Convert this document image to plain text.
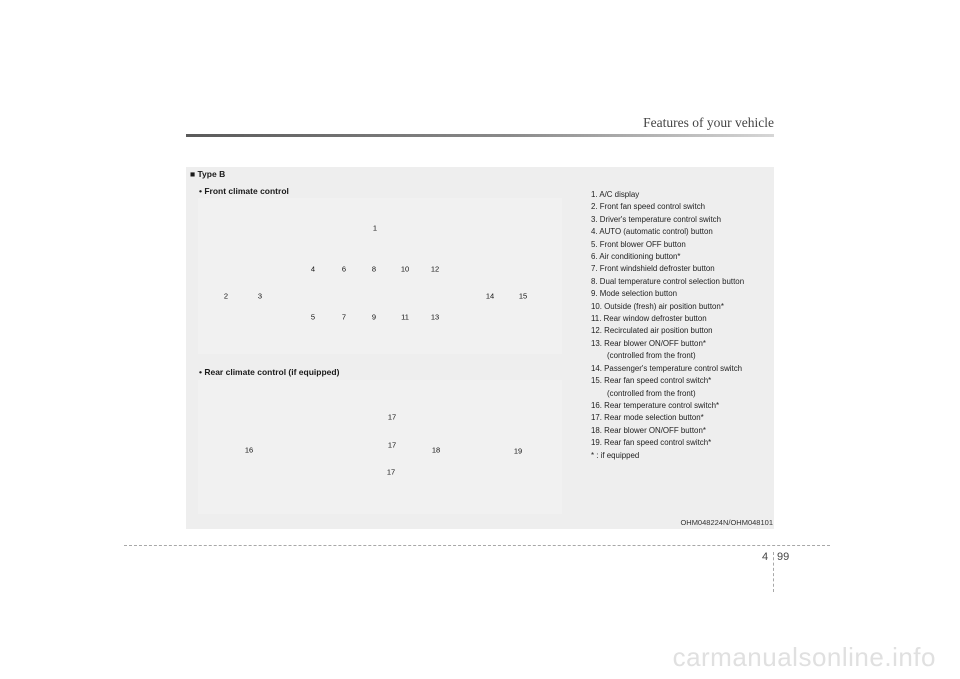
Features of your vehicle
■ Type B
• Front climate control
1
4	6	8	10	12
2	3	14	15
5	7	9	11	13
• Rear climate control (if equipped)
17
17
17
16	18	19
1. A/C display
2. Front fan speed control switch
3. Driver's temperature control switch
4. AUTO (automatic control) button
5. Front blower OFF button
6. Air conditioning button*
7. Front windshield defroster button
8. Dual temperature control selection button
9. Mode selection button
10. Outside (fresh) air position button*
11. Rear window defroster button
12. Recirculated air position button
13. Rear blower ON/OFF button*
(controlled from the front)
14. Passenger's temperature control switch
15. Rear fan speed control switch*
(controlled from the front)
16. Rear temperature control switch*
17. Rear mode selection button*
18. Rear blower ON/OFF button*
19. Rear fan speed control switch*
* : if equipped
OHM048224N/OHM048101
4 99
carmanualsonline.info
